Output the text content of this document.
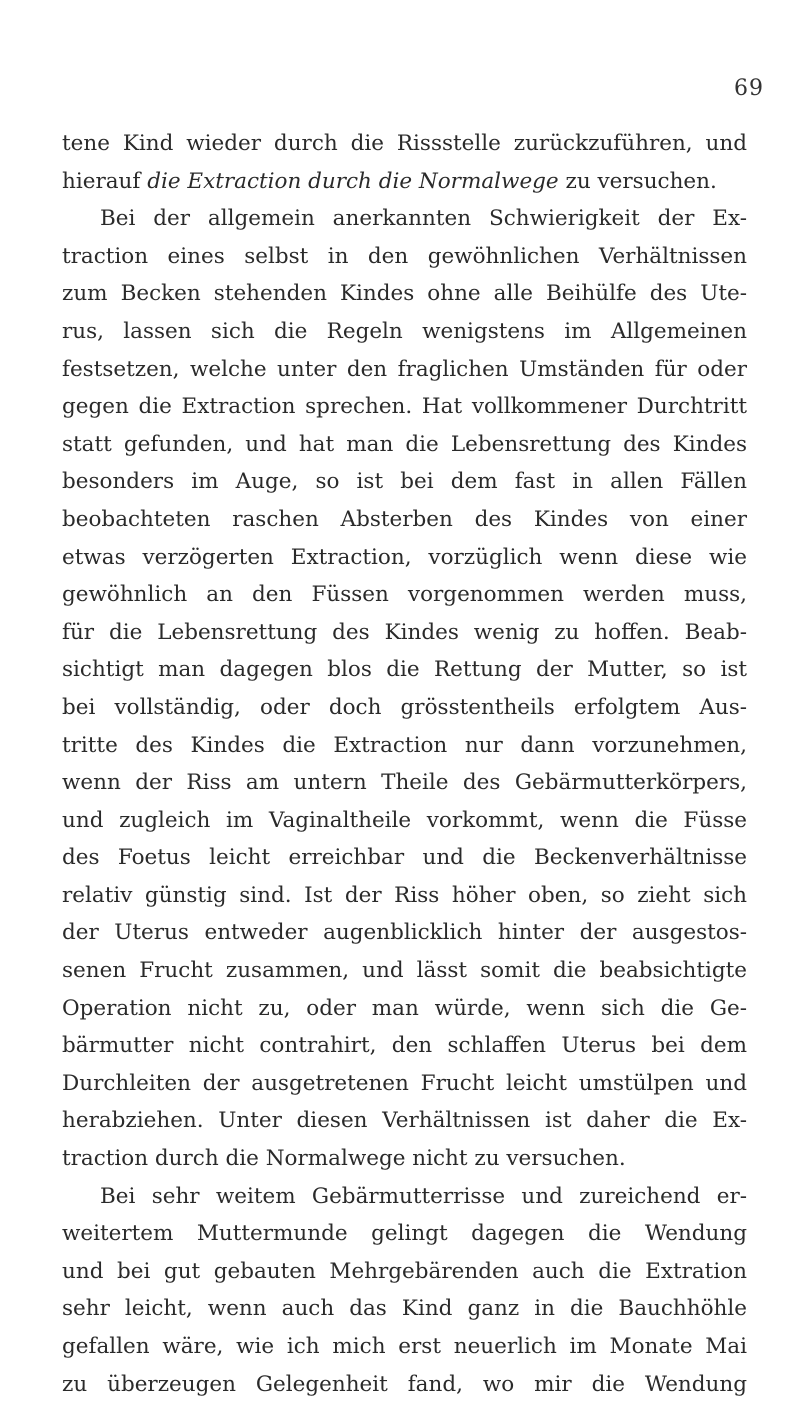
69
tene Kind wieder durch die Rissstelle zurückzuführen, und
hierauf die Extraction durch die Normalwege zu versuchen.
Bei der allgemein anerkannten Schwierigkeit der Ex-
traction eines selbst in den gewöhnlichen Verhältnissen
zum Becken stehenden Kindes ohne alle Beihülfe des Ute-
rus, lassen sich die Regeln wenigstens im Allgemeinen
festsetzen, welche unter den fraglichen Umständen für oder
gegen die Extraction sprechen. Hat vollkommener Durchtritt
statt gefunden, und hat man die Lebensrettung des Kindes
besonders im Auge, so ist bei dem fast in allen Fällen
beobachteten raschen Absterben des Kindes von einer
etwas verzögerten Extraction, vorzüglich wenn diese wie
gewöhnlich an den Füssen vorgenommen werden muss,
für die Lebensrettung des Kindes wenig zu hoffen. Beab-
sichtigt man dagegen blos die Rettung der Mutter, so ist
bei vollständig, oder doch grösstentheils erfolgtem Aus-
tritte des Kindes die Extraction nur dann vorzunehmen,
wenn der Riss am untern Theile des Gebärmutterkörpers,
und zugleich im Vaginaltheile vorkommt, wenn die Füsse
des Foetus leicht erreichbar und die Beckenverhältnisse
relativ günstig sind. Ist der Riss höher oben, so zieht sich
der Uterus entweder augenblicklich hinter der ausgestos-
senen Frucht zusammen, und lässt somit die beabsichtigte
Operation nicht zu, oder man würde, wenn sich die Ge-
bärmutter nicht contrahirt, den schlaffen Uterus bei dem
Durchleiten der ausgetretenen Frucht leicht umstülpen und
herabziehen. Unter diesen Verhältnissen ist daher die Ex-
traction durch die Normalwege nicht zu versuchen.
Bei sehr weitem Gebärmutterrisse und zureichend er-
weitertem Muttermunde gelingt dagegen die Wendung
und bei gut gebauten Mehrgebärenden auch die Extration
sehr leicht, wenn auch das Kind ganz in die Bauchhöhle
gefallen wäre, wie ich mich erst neuerlich im Monate Mai
zu überzeugen Gelegenheit fand, wo mir die Wendung
